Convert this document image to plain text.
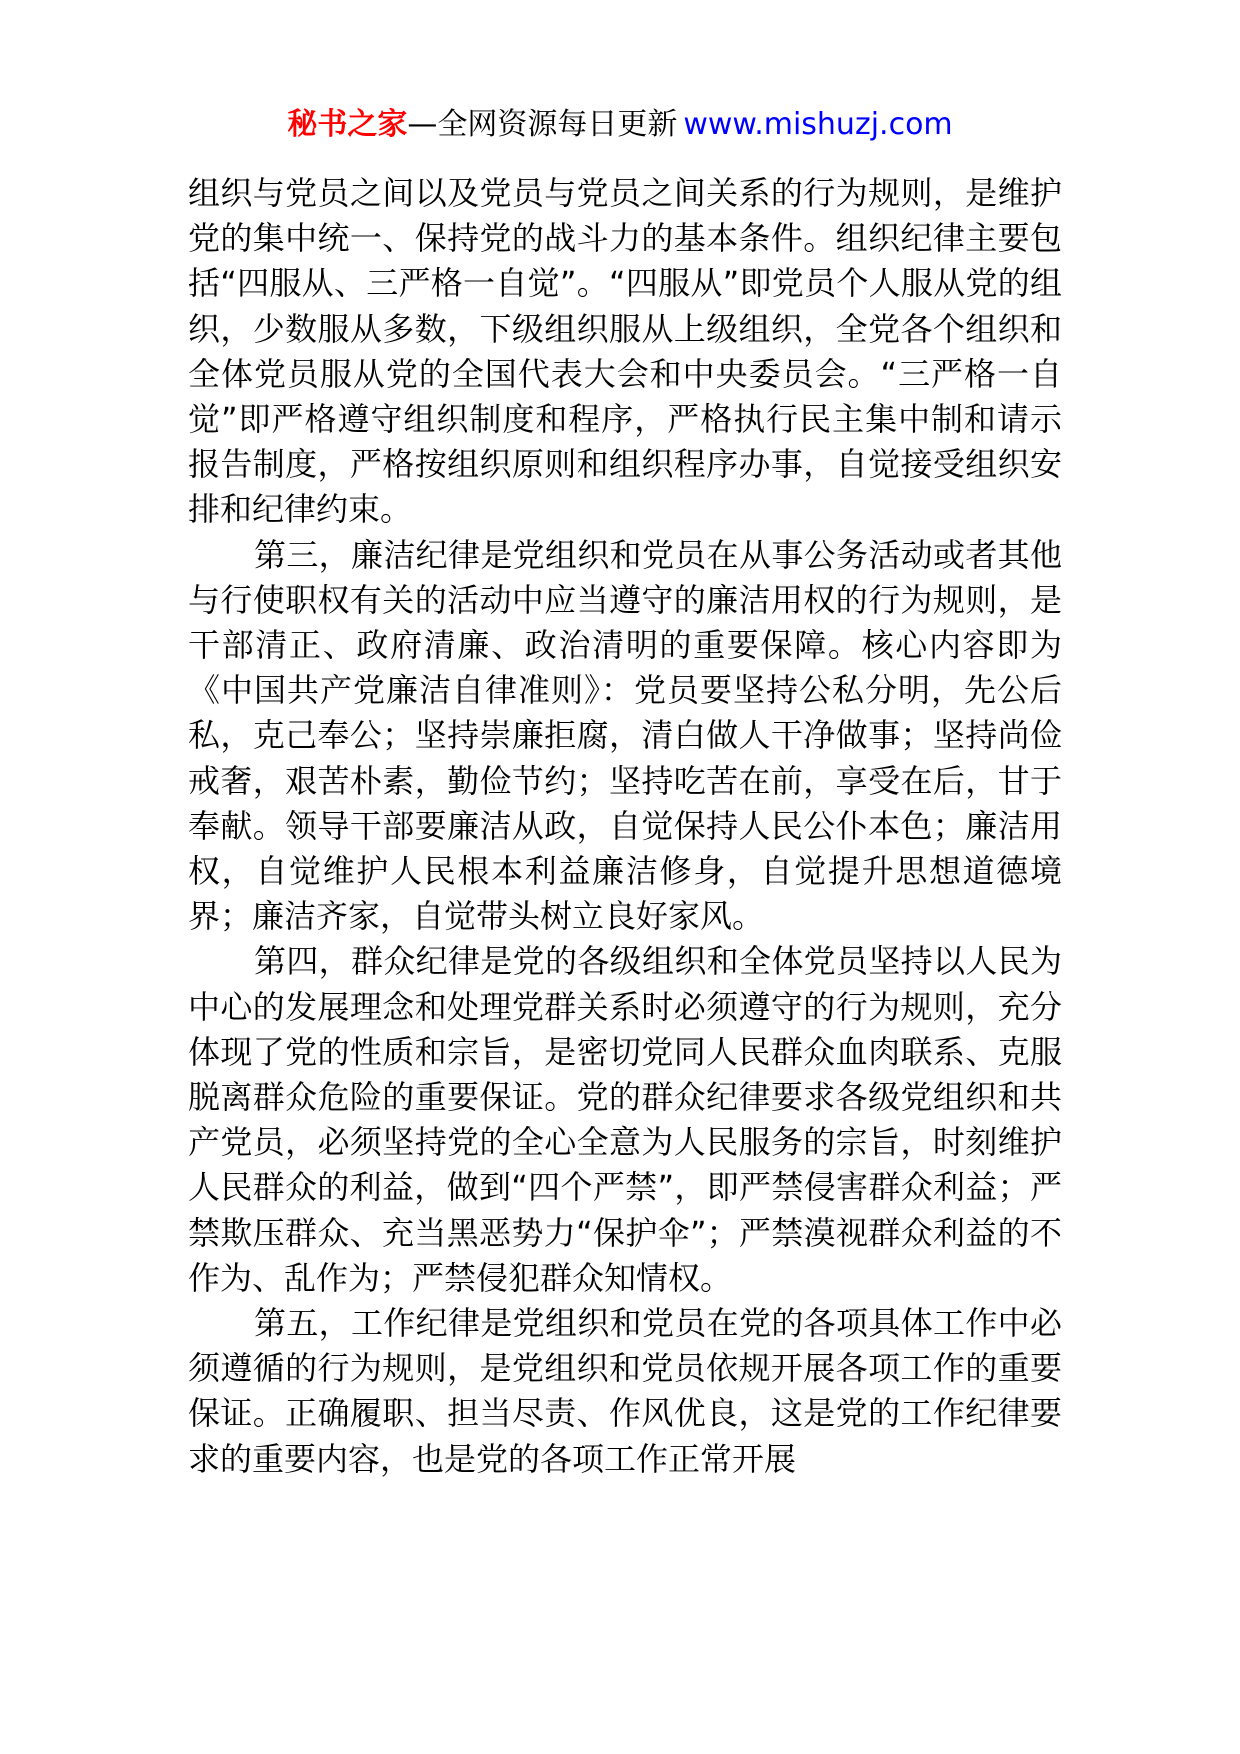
秘书之家—全网资源每日更新 www.mishuzj.com

组织与党员之间以及党员与党员之间关系的行为规则，是维护党的集中统一、保持党的战斗力的基本条件。组织纪律主要包括“四服从、三严格一自觉”。“四服从”即党员个人服从党的组织，少数服从多数，下级组织服从上级组织，全党各个组织和全体党员服从党的全国代表大会和中央委员会。“三严格一自觉”即严格遵守组织制度和程序，严格执行民主集中制和请示报告制度，严格按组织原则和组织程序办事，自觉接受组织安排和纪律约束。

第三，廉洁纪律是党组织和党员在从事公务活动或者其他与行使职权有关的活动中应当遵守的廉洁用权的行为规则，是干部清正、政府清廉、政治清明的重要保障。核心内容即为《中国共产党廉洁自律准则》：党员要坚持公私分明，先公后私，克己奉公；坚持崇廉拒腐，清白做人干净做事；坚持尚俭戒奢，艰苦朴素，勤俭节约；坚持吃苦在前，享受在后，甘于奉献。领导干部要廉洁从政，自觉保持人民公仆本色；廉洁用权，自觉维护人民根本利益廉洁修身，自觉提升思想道德境界；廉洁齐家，自觉带头树立良好家风。

第四，群众纪律是党的各级组织和全体党员坚持以人民为中心的发展理念和处理党群关系时必须遵守的行为规则，充分体现了党的性质和宗旨，是密切党同人民群众血肉联系、克服脱离群众危险的重要保证。党的群众纪律要求各级党组织和共产党员，必须坚持党的全心全意为人民服务的宗旨，时刻维护人民群众的利益，做到“四个严禁”，即严禁侵害群众利益；严禁欺压群众、充当黑恶势力“保护伞”；严禁漠视群众利益的不作为、乱作为；严禁侵犯群众知情权。

第五，工作纪律是党组织和党员在党的各项具体工作中必须遵循的行为规则，是党组织和党员依规开展各项工作的重要保证。正确履职、担当尽责、作风优良，这是党的工作纪律要求的重要内容，也是党的各项工作正常开展
